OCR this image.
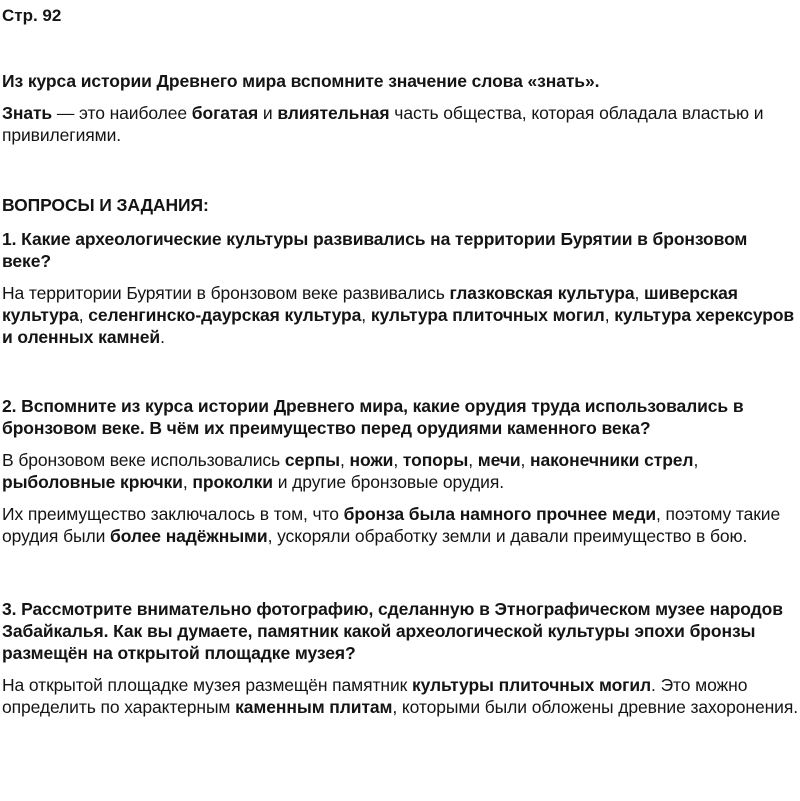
Стр. 92

Из курса истории Древнего мира вспомните значение слова «знать».

Знать — это наиболее богатая и влиятельная часть общества, которая обладала властью и привилегиями.

ВОПРОСЫ И ЗАДАНИЯ:

1. Какие археологические культуры развивались на территории Бурятии в бронзовом веке?

На территории Бурятии в бронзовом веке развивались глазковская культура, шиверская культура, селенгинско-даурская культура, культура плиточных могил, культура херексуров и оленных камней.

2. Вспомните из курса истории Древнего мира, какие орудия труда использовались в бронзовом веке. В чём их преимущество перед орудиями каменного века?

В бронзовом веке использовались серпы, ножи, топоры, мечи, наконечники стрел, рыболовные крючки, проколки и другие бронзовые орудия.

Их преимущество заключалось в том, что бронза была намного прочнее меди, поэтому такие орудия были более надёжными, ускоряли обработку земли и давали преимущество в бою.

3. Рассмотрите внимательно фотографию, сделанную в Этнографическом музее народов Забайкалья. Как вы думаете, памятник какой археологической культуры эпохи бронзы размещён на открытой площадке музея?

На открытой площадке музея размещён памятник культуры плиточных могил. Это можно определить по характерным каменным плитам, которыми были обложены древние захоронения.
